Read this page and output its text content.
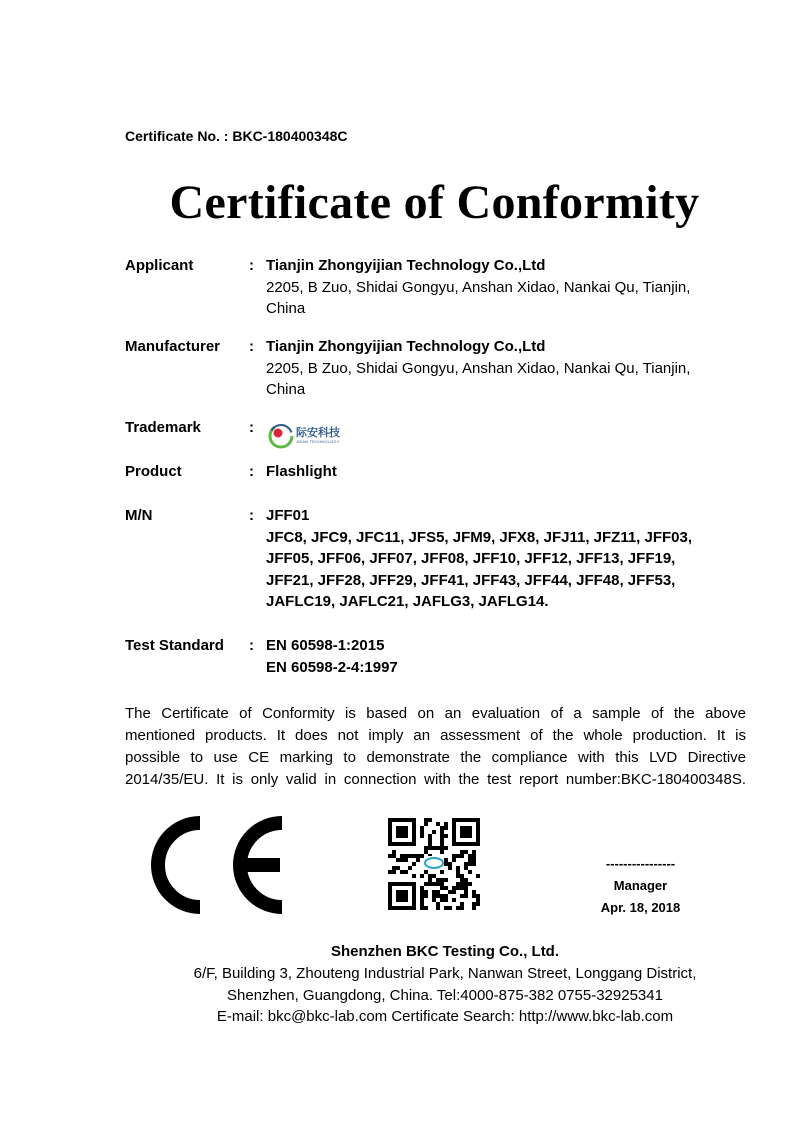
Certificate No. : BKC-180400348C
Certificate of Conformity
Applicant	: Tianjin Zhongyijian Technology Co.,Ltd
2205, B Zuo, Shidai Gongyu, Anshan Xidao, Nankai Qu, Tianjin,
China
Manufacturer : Tianjin Zhongyijian Technology Co.,Ltd
2205, B Zuo, Shidai Gongyu, Anshan Xidao, Nankai Qu, Tianjin,
China
Trademark	:	际安科技
JIEAN TECHNOLOGY
Product	: Flashlight
M/N	: JFF01
JFC8, JFC9, JFC11, JFS5, JFM9, JFX8, JFJ11, JFZ11, JFF03,
JFF05, JFF06, JFF07, JFF08, JFF10, JFF12, JFF13, JFF19,
JFF21, JFF28, JFF29, JFF41, JFF43, JFF44, JFF48, JFF53,
JAFLC19, JAFLC21, JAFLG3, JAFLG14.
Test Standard : EN 60598-1:2015
EN 60598-2-4:1997
The Certificate of Conformity is based on an evaluation of a sample of the above
mentioned products. It does not imply an assessment of the whole production. It is
possible to use CE marking to demonstrate the compliance with this LVD Directive
2014/35/EU. It is only valid in connection with the test report number:BKC-180400348S.
----------------
Manager
Apr. 18, 2018
Shenzhen BKC Testing Co., Ltd.
6/F, Building 3, Zhouteng Industrial Park, Nanwan Street, Longgang District,
Shenzhen, Guangdong, China. Tel:4000-875-382 0755-32925341
E-mail: bkc@bkc-lab.com Certificate Search: http://www.bkc-lab.com
